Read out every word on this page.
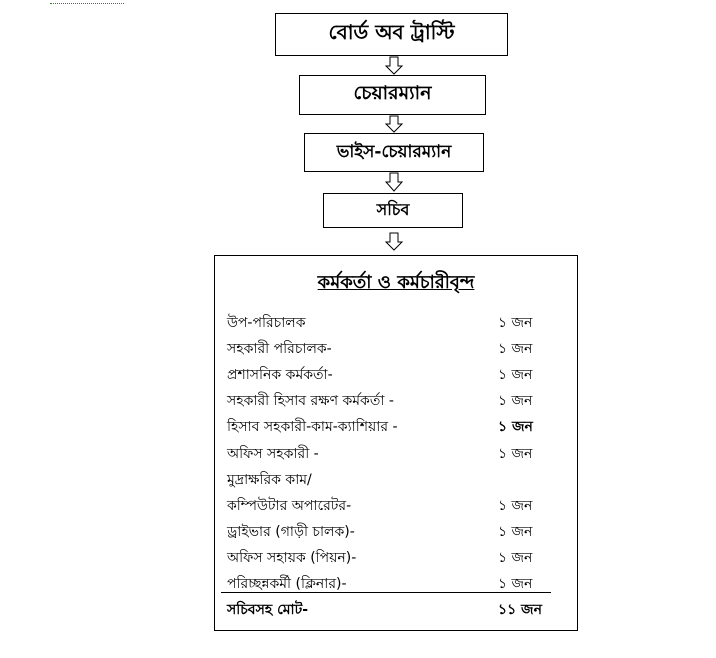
বোর্ড অব ট্রাস্টি
চেয়ারম্যান
ভাইস-চেয়ারম্যান
সচিব
কর্মকর্তা ও কর্মচারীবৃন্দ
উপ-পরিচালক	১ জন
সহকারী পরিচালক-	১ জন
প্রশাসনিক কর্মকর্তা-	১ জন
সহকারী হিসাব রক্ষণ কর্মকর্তা -	১ জন
হিসাব সহকারী-কাম-ক্যাশিয়ার -	১ জন
অফিস সহকারী -	১ জন
মুদ্রাক্ষরিক কাম/
কম্পিউটার অপারেটর-	১ জন
ড্রাইভার (গাড়ী চালক)-	১ জন
অফিস সহায়ক (পিয়ন)-	১ জন
পরিচ্ছন্নকর্মী (ক্লিনার)-	১ জন
সচিবসহ মোট-	১১ জন
